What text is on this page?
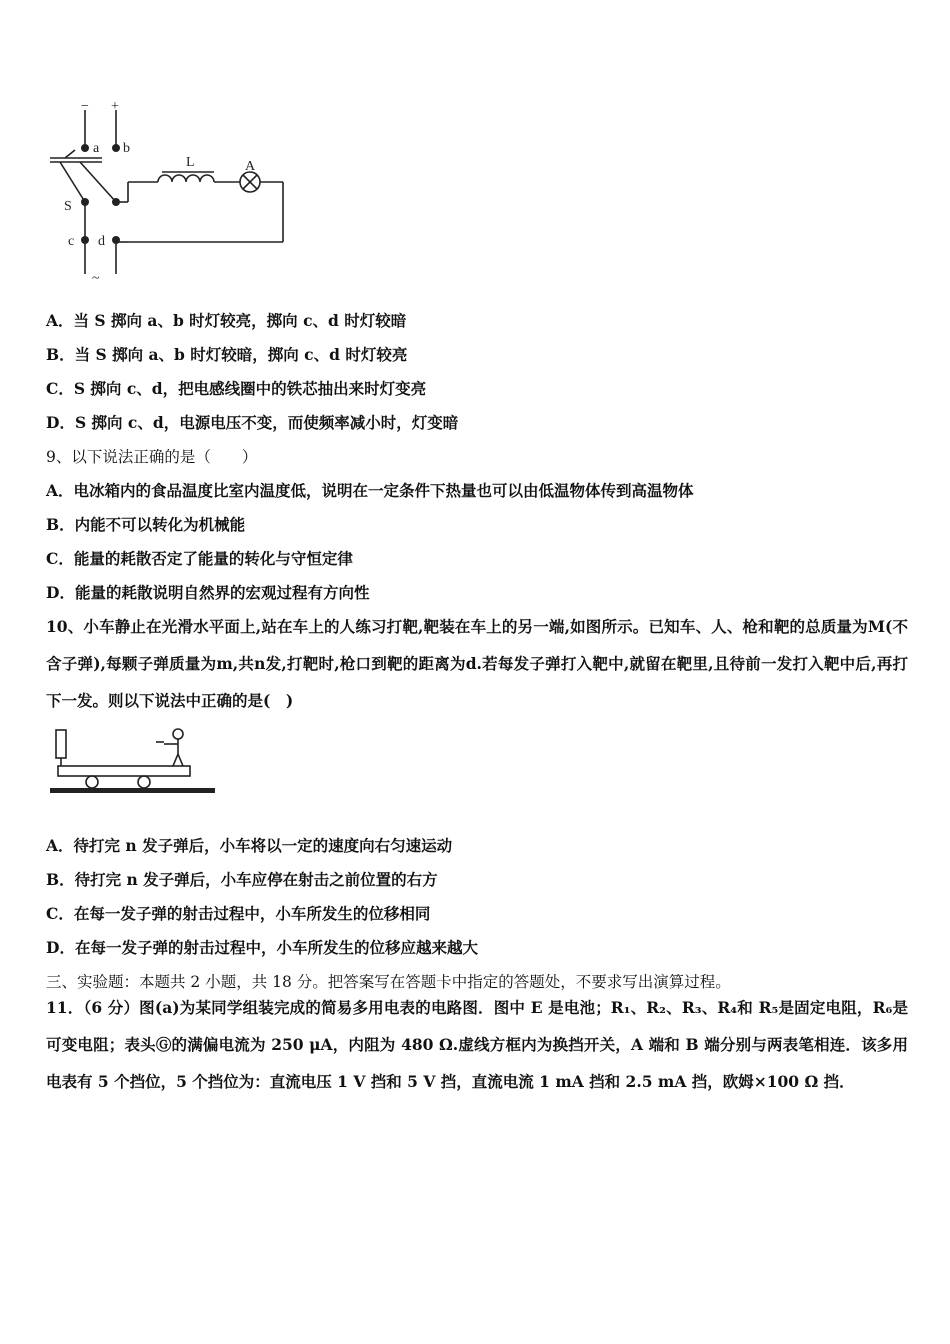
− +
a b
L	A
S
c d
~
A．当 S 掷向 a、b 时灯较亮，掷向 c、d 时灯较暗
B．当 S 掷向 a、b 时灯较暗，掷向 c、d 时灯较亮
C．S 掷向 c、d，把电感线圈中的铁芯抽出来时灯变亮
D．S 掷向 c、d，电源电压不变，而使频率减小时，灯变暗
9、以下说法正确的是（　　）
A．电冰箱内的食品温度比室内温度低，说明在一定条件下热量也可以由低温物体传到高温物体
B．内能不可以转化为机械能
C．能量的耗散否定了能量的转化与守恒定律
D．能量的耗散说明自然界的宏观过程有方向性
10、小车静止在光滑水平面上,站在车上的人练习打靶,靶装在车上的另一端,如图所示。已知车、人、枪和靶的总质量为M(不含子弹),每颗子弹质量为m,共n发,打靶时,枪口到靶的距离为d.若每发子弹打入靶中,就留在靶里,且待前一发打入靶中后,再打下一发。则以下说法中正确的是(　)
A．待打完 n 发子弹后，小车将以一定的速度向右匀速运动
B．待打完 n 发子弹后，小车应停在射击之前位置的右方
C．在每一发子弹的射击过程中，小车所发生的位移相同
D．在每一发子弹的射击过程中，小车所发生的位移应越来越大
三、实验题：本题共 2 小题，共 18 分。把答案写在答题卡中指定的答题处，不要求写出演算过程。
11．（6 分）图(a)为某同学组装完成的简易多用电表的电路图．图中 E 是电池；R₁、R₂、R₃、R₄和 R₅是固定电阻，R₆是可变电阻；表头Ⓖ的满偏电流为 250 μA，内阻为 480 Ω.虚线方框内为换挡开关，A 端和 B 端分别与两表笔相连．该多用电表有 5 个挡位，5 个挡位为：直流电压 1 V 挡和 5 V 挡，直流电流 1 mA 挡和 2.5 mA 挡，欧姆×100 Ω 挡．
